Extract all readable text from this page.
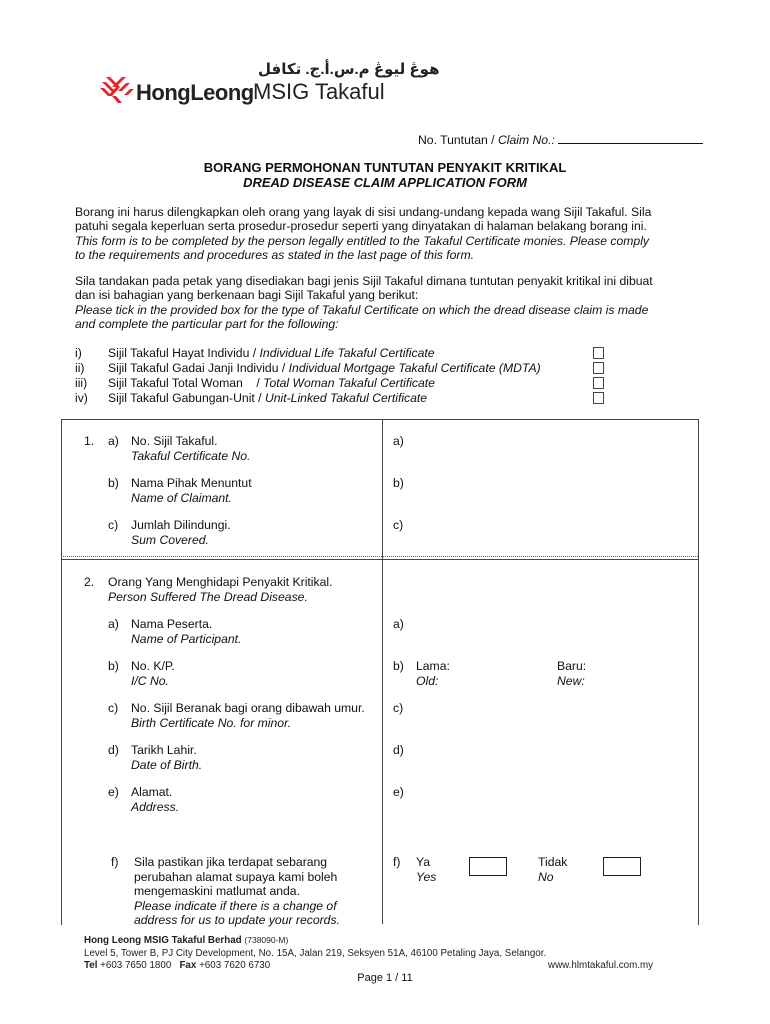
هوڠ ليوڠ م.س.أ.ج. تكافل
HongLeong MSIG Takaful
No. Tuntutan / Claim No.:
BORANG PERMOHONAN TUNTUTAN PENYAKIT KRITIKAL
DREAD DISEASE CLAIM APPLICATION FORM
Borang ini harus dilengkapkan oleh orang yang layak di sisi undang-undang kepada wang Sijil Takaful. Sila
patuhi segala keperluan serta prosedur-prosedur seperti yang dinyatakan di halaman belakang borang ini.
This form is to be completed by the person legally entitled to the Takaful Certificate monies. Please comply
to the requirements and procedures as stated in the last page of this form.
Sila tandakan pada petak yang disediakan bagi jenis Sijil Takaful dimana tuntutan penyakit kritikal ini dibuat
dan isi bahagian yang berkenaan bagi Sijil Takaful yang berikut:
Please tick in the provided box for the type of Takaful Certificate on which the dread disease claim is made
and complete the particular part for the following:
i) Sijil Takaful Hayat Individu / Individual Life Takaful Certificate
ii) Sijil Takaful Gadai Janji Individu / Individual Mortgage Takaful Certificate (MDTA)
iii) Sijil Takaful Total Woman    / Total Woman Takaful Certificate
iv) Sijil Takaful Gabungan-Unit / Unit-Linked Takaful Certificate
1. a) No. Sijil Takaful.
Takaful Certificate No.
a)
b) Nama Pihak Menuntut
Name of Claimant.
b)
c) Jumlah Dilindungi.
Sum Covered.
c)
2. Orang Yang Menghidapi Penyakit Kritikal.
Person Suffered The Dread Disease.
a) Nama Peserta.
Name of Participant.
a)
b) No. K/P.
I/C No.
b) Lama:
Old:
Baru:
New:
c) No. Sijil Beranak bagi orang dibawah umur.
Birth Certificate No. for minor.
c)
d) Tarikh Lahir.
Date of Birth.
d)
e) Alamat.
Address.
e)
f) Sila pastikan jika terdapat sebarang
perubahan alamat supaya kami boleh
mengemaskini matlumat anda.
Please indicate if there is a change of
address for us to update your records.
f) Ya
Yes
Tidak
No
Hong Leong MSIG Takaful Berhad (738090-M)
Level 5, Tower B, PJ City Development, No. 15A, Jalan 219, Seksyen 51A, 46100 Petaling Jaya, Selangor.
Tel +603 7650 1800 Fax +603 7620 6730	www.hlmtakaful.com.my
Page 1 / 11
